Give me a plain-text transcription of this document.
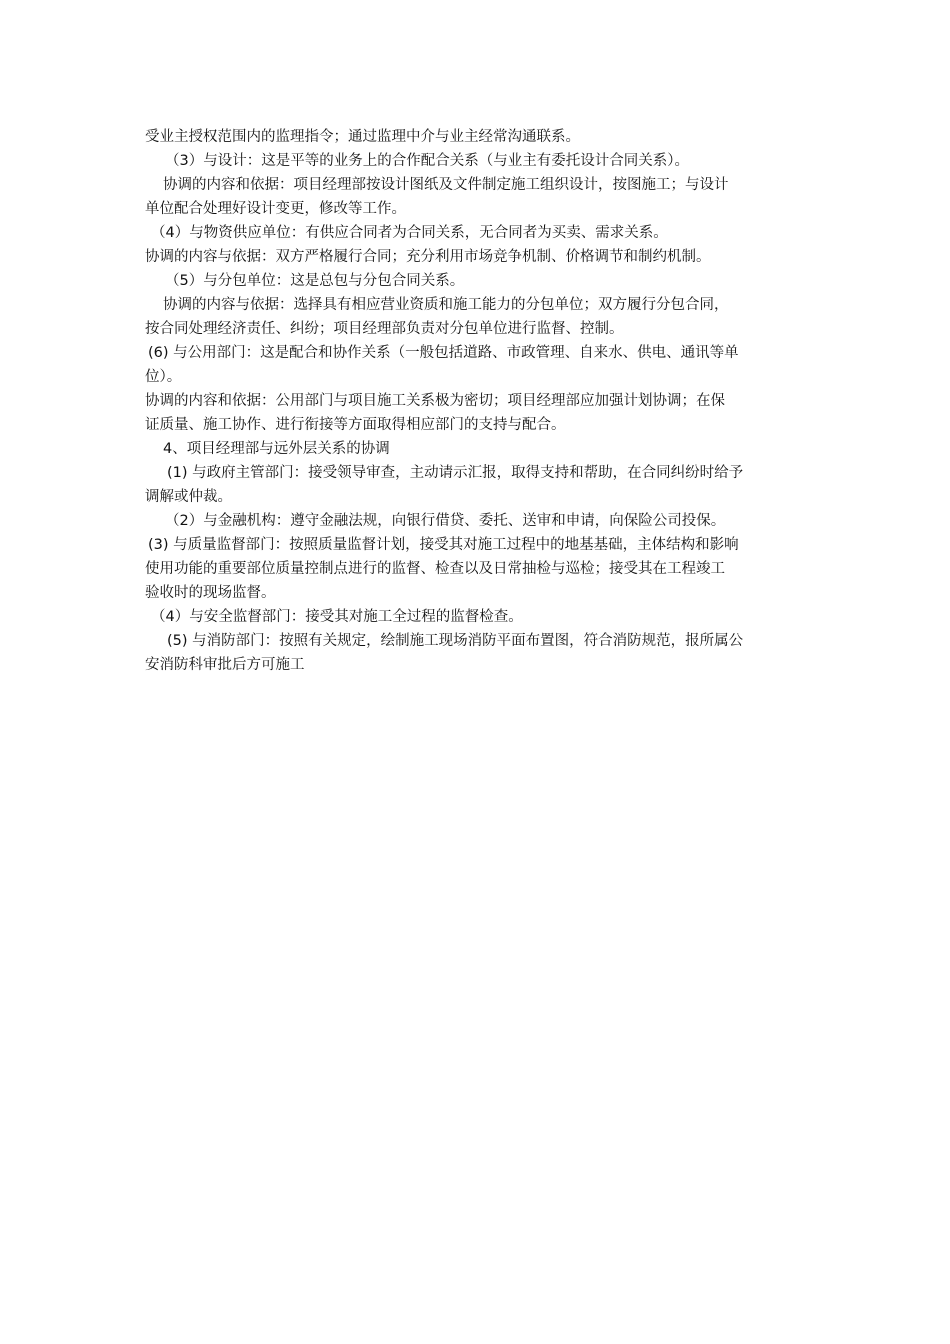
受业主授权范围内的监理指令；通过监理中介与业主经常沟通联系。
（3）与设计：这是平等的业务上的合作配合关系（与业主有委托设计合同关系）。
协调的内容和依据：项目经理部按设计图纸及文件制定施工组织设计，按图施工；与设计
单位配合处理好设计变更，修改等工作。
（4）与物资供应单位：有供应合同者为合同关系，无合同者为买卖、需求关系。
协调的内容与依据：双方严格履行合同；充分利用市场竞争机制、价格调节和制约机制。
（5）与分包单位：这是总包与分包合同关系。
协调的内容与依据：选择具有相应营业资质和施工能力的分包单位；双方履行分包合同，
按合同处理经济责任、纠纷；项目经理部负责对分包单位进行监督、控制。
(6) 与公用部门：这是配合和协作关系（一般包括道路、市政管理、自来水、供电、通讯等单
位）。
协调的内容和依据：公用部门与项目施工关系极为密切；项目经理部应加强计划协调；在保
证质量、施工协作、进行衔接等方面取得相应部门的支持与配合。
4、项目经理部与远外层关系的协调
(1) 与政府主管部门：接受领导审查，主动请示汇报，取得支持和帮助，在合同纠纷时给予
调解或仲裁。
（2）与金融机构：遵守金融法规，向银行借贷、委托、送审和申请，向保险公司投保。
(3) 与质量监督部门：按照质量监督计划，接受其对施工过程中的地基基础，主体结构和影响
使用功能的重要部位质量控制点进行的监督、检查以及日常抽检与巡检；接受其在工程竣工
验收时的现场监督。
（4）与安全监督部门：接受其对施工全过程的监督检查。
(5) 与消防部门：按照有关规定，绘制施工现场消防平面布置图，符合消防规范，报所属公
安消防科审批后方可施工
